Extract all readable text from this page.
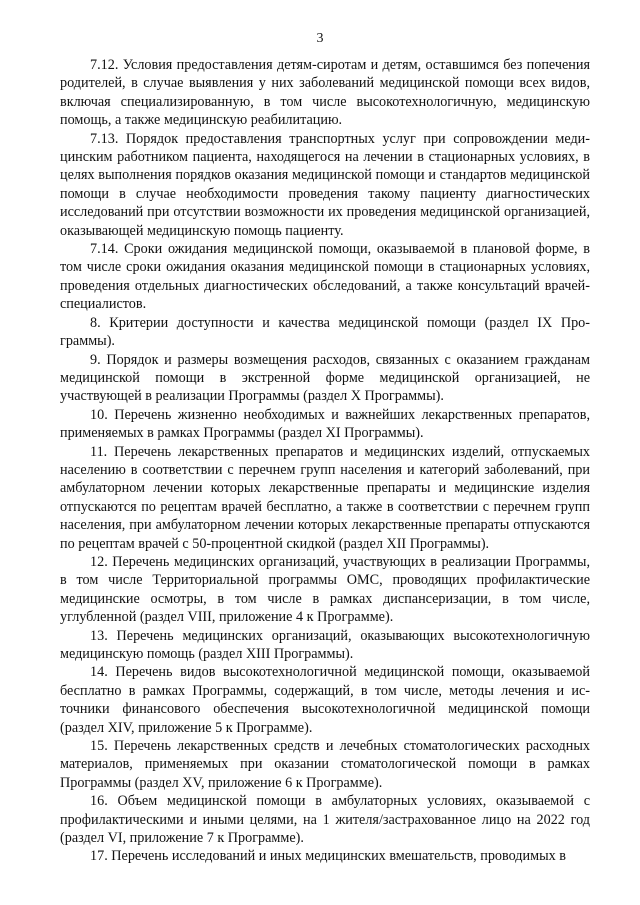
3

7.12. Условия предоставления детям-сиротам и детям, оставшимся без попечения родителей, в случае выявления у них заболеваний медицинской помощи всех видов, включая специализированную, в том числе высокотехнологичную, медицинскую помощь, а также медицинскую реабилитацию.

7.13. Порядок предоставления транспортных услуг при сопровождении медицинским работником пациента, находящегося на лечении в стационарных условиях, в целях выполнения порядков оказания медицинской помощи и стандартов медицинской помощи в случае необходимости проведения такому пациенту диагностических исследований при отсутствии возможности их проведения медицинской организацией, оказывающей медицинскую помощь пациенту.

7.14. Сроки ожидания медицинской помощи, оказываемой в плановой форме, в том числе сроки ожидания оказания медицинской помощи в стационарных условиях, проведения отдельных диагностических обследований, а также консультаций врачей-специалистов.

8. Критерии доступности и качества медицинской помощи (раздел IX Программы).

9. Порядок и размеры возмещения расходов, связанных с оказанием гражданам медицинской помощи в экстренной форме медицинской организацией, не участвующей в реализации Программы (раздел X Программы).

10. Перечень жизненно необходимых и важнейших лекарственных препаратов, применяемых в рамках Программы (раздел XI Программы).

11. Перечень лекарственных препаратов и медицинских изделий, отпускаемых населению в соответствии с перечнем групп населения и категорий заболеваний, при амбулаторном лечении которых лекарственные препараты и медицинские изделия отпускаются по рецептам врачей бесплатно, а также в соответствии с перечнем групп населения, при амбулаторном лечении которых лекарственные препараты отпускаются по рецептам врачей с 50-процентной скидкой (раздел XII Программы).

12. Перечень медицинских организаций, участвующих в реализации Программы, в том числе Территориальной программы ОМС, проводящих профилактические медицинские осмотры, в том числе в рамках диспансеризации, в том числе, углубленной (раздел VIII, приложение 4 к Программе).

13. Перечень медицинских организаций, оказывающих высокотехнологичную медицинскую помощь (раздел XIII Программы).

14. Перечень видов высокотехнологичной медицинской помощи, оказываемой бесплатно в рамках Программы, содержащий, в том числе, методы лечения и источники финансового обеспечения высокотехнологичной медицинской помощи (раздел XIV, приложение 5 к Программе).

15. Перечень лекарственных средств и лечебных стоматологических расходных материалов, применяемых при оказании стоматологической помощи в рамках Программы (раздел XV, приложение 6 к Программе).

16. Объем медицинской помощи в амбулаторных условиях, оказываемой с профилактическими и иными целями, на 1 жителя/застрахованное лицо на 2022 год (раздел VI, приложение 7 к Программе).

17. Перечень исследований и иных медицинских вмешательств, проводимых в
